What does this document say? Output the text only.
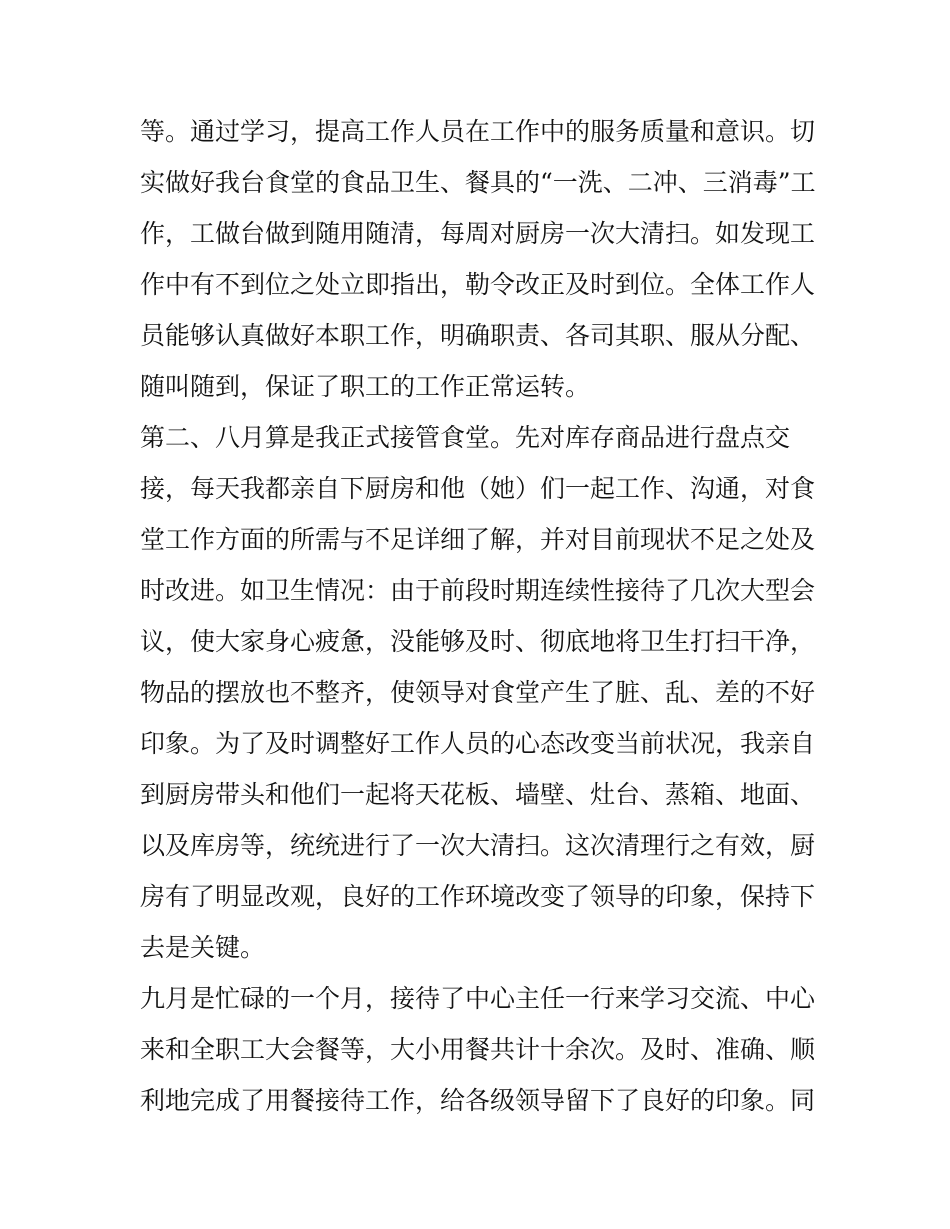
等。通过学习，提高工作人员在工作中的服务质量和意识。切
实做好我台食堂的食品卫生、餐具的“一洗、二冲、三消毒”工
作，工做台做到随用随清，每周对厨房一次大清扫。如发现工
作中有不到位之处立即指出，勒令改正及时到位。全体工作人
员能够认真做好本职工作，明确职责、各司其职、服从分配、
随叫随到，保证了职工的工作正常运转。
第二、八月算是我正式接管食堂。先对库存商品进行盘点交
接，每天我都亲自下厨房和他（她）们一起工作、沟通，对食
堂工作方面的所需与不足详细了解，并对目前现状不足之处及
时改进。如卫生情况：由于前段时期连续性接待了几次大型会
议，使大家身心疲惫，没能够及时、彻底地将卫生打扫干净，
物品的摆放也不整齐，使领导对食堂产生了脏、乱、差的不好
印象。为了及时调整好工作人员的心态改变当前状况，我亲自
到厨房带头和他们一起将天花板、墙壁、灶台、蒸箱、地面、
以及库房等，统统进行了一次大清扫。这次清理行之有效，厨
房有了明显改观，良好的工作环境改变了领导的印象，保持下
去是关键。
九月是忙碌的一个月，接待了中心主任一行来学习交流、中心
来和全职工大会餐等，大小用餐共计十余次。及时、准确、顺
利地完成了用餐接待工作，给各级领导留下了良好的印象。同
